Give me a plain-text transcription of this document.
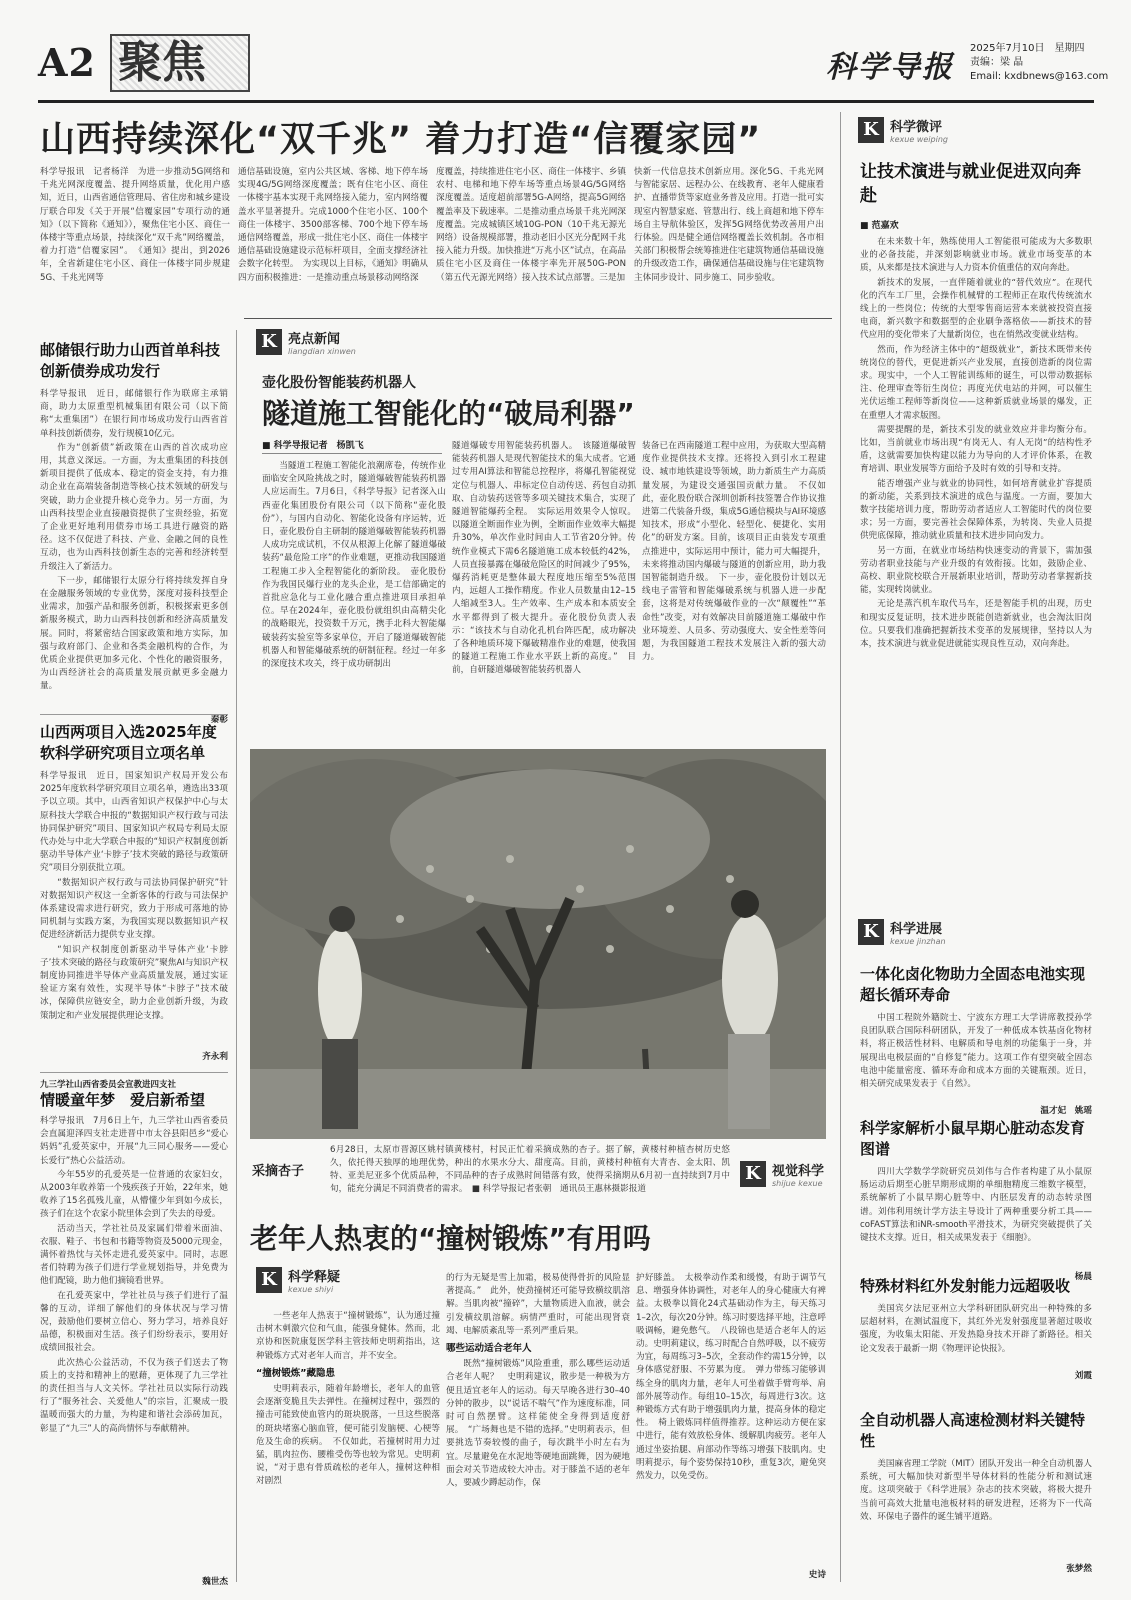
A2 聚焦	科学导报
2025年7月10日　星期四
责编：梁 晶
Email: kxdbnews@163.com
山西持续深化“双千兆” 着力打造“信覆家园”

科学导报讯　记者杨洋　为进一步推动5G网络和千兆光网深度覆盖、提升网络质量，优化用户感知，近日，山西省通信管理局、省住房和城乡建设厅联合印发《关于开展“信覆家园”专项行动的通知》（以下简称《通知》），聚焦住宅小区、商住一体楼宇等重点场景，持续深化“双千兆”网络覆盖，着力打造“信覆家园”。　《通知》提出，到2026年，全省新建住宅小区、商住一体楼宇同步规建5G、千兆光网等

通信基础设施，室内公共区域、客梯、地下停车场实现4G/5G网络深度覆盖；既有住宅小区、商住一体楼宇基本实现千兆网络接入能力，室内网络覆盖水平显著提升。完成1000个住宅小区、100个商住一体楼宇、3500部客梯、700个地下停车场通信网络覆盖，形成一批住宅小区、商住一体楼宇通信基础设施建设示范标杆项目，全面支撑经济社会数字化转型。　为实现以上目标，《通知》明确从四方面积极推进：一是推动重点场景移动网络深

度覆盖，持续推进住宅小区、商住一体楼宇、乡镇农村、电梯和地下停车场等重点场景4G/5G网络深度覆盖。适度超前部署5G-A网络，提高5G网络覆盖率及下载速率。二是推动重点场景千兆光网深度覆盖。完成城镇区域10G-PON（10千兆无源光网络）设备规模部署，推动老旧小区光分配网千兆接入能力升级。加快推进“万兆小区”试点，在高品质住宅小区及商住一体楼宇率先开展50G-PON（第五代无源光网络）接入技术试点部署。三是加

快新一代信息技术创新应用。深化5G、千兆光网与智能家居、远程办公、在线教育、老年人健康看护、直播带货等家庭业务普及应用。打造一批可实现室内智慧家庭、管慧出行、线上商超和地下停车场自主导航体验区，发挥5G网络优势改善用户出行体验。四是健全通信网络覆盖长效机制。各市相关部门积极帮会统筹推进住宅建筑物通信基础设施的升级改造工作，确保通信基础设施与住宅建筑物主体同步设计、同步施工、同步验收。

邮储银行助力山西首单科技创新债券成功发行

科学导报讯　近日，邮储银行作为联席主承销商，助力太原重型机械集团有限公司（以下简称“太重集团”）在银行间市场成功发行山西省首单科技创新债券，发行规模10亿元。

作为“创新债”新政策在山西的首次成功应用，其意义深远。一方面，为太重集团的科技创新项目提供了低成本、稳定的资金支持，有力推动企业在高端装备制造等核心技术领域的研发与突破，助力企业提升核心竞争力。另一方面，为山西科技型企业直接融资提供了宝贵经验，拓宽了企业更好地利用债券市场工具进行融资的路径。这不仅促进了科技、产业、金融之间的良性互动，也为山西科技创新生态的完善和经济转型升级注入了新活力。

下一步，邮储银行太原分行将持续发挥自身在金融服务领域的专业优势，深度对接科技型企业需求，加强产品和服务创新，积极探索更多创新服务模式，助力山西科技创新和经济高质量发展。同时，将紧密结合国家政策和地方实际，加强与政府部门、企业和各类金融机构的合作，为优质企业提供更加多元化、个性化的融资服务，为山西经济社会的高质量发展贡献更多金融力量。

秦彰
山西两项目入选2025年度软科学研究项目立项名单

科学导报讯　近日，国家知识产权局开发公布2025年度软科学研究项目立项名单，遴选出33项予以立项。其中，山西省知识产权保护中心与太原科技大学联合申报的“数据知识产权行政与司法协同保护研究”项目、国家知识产权局专利局太原代办处与中北大学联合申报的“知识产权制度创新驱动半导体产业‘卡脖子’技术突破的路径与政策研究”项目分别获批立项。

“数据知识产权行政与司法协同保护研究”针对数据知识产权这一全新客体的行政与司法保护体系建设需求进行研究，致力于形成可落地的协同机制与实践方案，为我国实现以数据知识产权促进经济新活力提供专业支撑。

“知识产权制度创新驱动半导体产业‘卡脖子’技术突破的路径与政策研究”聚焦AI与知识产权制度协同推进半导体产业高质量发展，通过实证验证方案有效性，实现半导体“卡脖子”技术破冰，保障供应链安全，助力企业创新升级，为政策制定和产业发展提供理论支撑。

齐永利
九三学社山西省委员会宣教进四支社
情暖童年梦　爱启新希望

科学导报讯　7月6日上午，九三学社山西省委员会直属迎泽四支社走进晋中市太谷县阳邑乡“爱心妈妈”孔爱英家中，开展“九三同心服务——爱心长爱行”热心公益活动。

今年55岁的孔爱英是一位普通的农家妇女，从2003年收养第一个残疾孩子开始，22年来，她收养了15名孤残儿童，从懵懂少年到如今成长，孩子们在这个农家小院里体会到了失去的母爱。

活动当天，学社社员及家属们带着米面油、衣服、鞋子、书包和书籍等物资及5000元现金，满怀着热忱与关怀走进孔爱英家中。同时，志愿者们特聘为孩子们进行学业规划指导，并免费为他们配镜，助力他们摘镜看世界。

在孔爱英家中，学社社员与孩子们进行了温馨的互动，详细了解他们的身体状况与学习情况，鼓励他们要树立信心、努力学习，培养良好品德，积极面对生活。孩子们纷纷表示，要用好成绩回报社会。

此次热心公益活动，不仅为孩子们送去了物质上的支持和精神上的慰藉，更体现了九三学社的责任担当与人文关怀。学社社员以实际行动践行了“服务社会、关爱他人”的宗旨，汇聚成一股温暖而强大的力量，为构建和谐社会添砖加瓦，彰显了“九三”人的高尚情怀与奉献精神。

魏世杰
K 亮点新闻
liangdian xinwen
壶化股份智能装药机器人
隧道施工智能化的“破局利器”
■ 科学导报记者　杨凯飞

当隧道工程施工智能化浪潮席卷，传统作业面临安全风险挑战之时，隧道爆破智能装药机器人应运而生。7月6日，《科学导报》记者深入山西壶化集团股份有限公司（以下简称“壶化股份”），与国内自动化、智能化设备有序运转，近日，壶化股份自主研制的隧道爆破智能装药机器人成功完成试机，不仅从根源上化解了隧道爆破装药“最危险工序”的作业难题，更推动我国隧道工程施工步入全程智能化的新阶段。　壶化股份作为我国民爆行业的龙头企业，是工信部确定的首批应急化与工业化融合重点推进项目承担单位。早在2024年，壶化股份就组织由高精尖化的战略眼光，投资数千万元，携手北科大智能爆破装药实验室等多家单位，开启了隧道爆破智能机器人和智能爆破系统的研制征程。经过一年多的深度技术攻关，终于成功研制出

隧道爆破专用智能装药机器人。　该隧道爆破智能装药机器人是现代智能技术的集大成者。它通过专用AI算法和智能总控程序，将爆孔智能视觉定位与机器人、串标定位自动传送、药包自动抓取、自动装药送管等多项关键技术集合，实现了隧道智能爆药全程。　实际运用效果令人惊叹。以隧道全断面作业为例，全断面作业效率大幅提升30%，单次作业时间由人工节省20分钟。传统作业模式下需6名隧道施工成本较低约42%，人员直接暴露在爆破危险区的时间减少了95%，爆药消耗更是整体最大程度地压缩至5%范围内，远超人工操作精度。作业人员数量由12–15人缩减至3人。生产效率、生产成本和本质安全水平都得到了极大提升。壶化股份负责人表示：“该技术与自动化孔机台阵匹配，成功解决了各种地质环境下爆破精准作业的难题，使我国的隧道工程施工作业水平跃上新的高度。”　目前，自研隧道爆破智能装药机器人

装备已在西南隧道工程中应用，为获取大型高精度作业提供技术支撑。还将投入到引水工程建设、城市地铁建设等领域，助力新质生产力高质量发展，为建设交通强国贡献力量。　不仅如此，壶化股份联合深圳创新科技签署合作协议推进第二代装备升级，集成5G通信模块与AI环境感知技术，形成“小型化、轻型化、便捷化、实用化”的研发方案。目前，该项目正由装发专项重点推进中，实际运用中预计，能力可大幅提升，未来将推动国内爆破与隧道的创新应用，助力我国智能制造升级。　下一步，壶化股份计划以无线电子雷管和智能爆破系统与机器人进一步配套，这将是对传统爆破作业的一次“颠覆性”“革命性”改变，对有效解决目前隧道施工爆破中作业环境差、人员多、劳动强度大、安全性差等问题，为我国隧道工程技术发展注入新的强大动力。

采摘杏子
6月28日，太原市晋源区姚村镇黄楼村，村民正忙着采摘成熟的杏子。据了解，黄楼村种植杏树历史悠久，依托得天独厚的地理优势，种出的水果水分大、甜度高。目前，黄楼村种植有大青杏、金太阳、凯特、亚美尼亚多个优质品种，不同品种的杏子成熟时间错落有致，使得采摘期从6月初一直持续到7月中旬，能充分满足不同消费者的需求。　■ 科学导报记者张朝　通讯员王惠林摄影报道
K 视觉科学
shijue kexue
老年人热衷的“撞树锻炼”有用吗
K 科学释疑
kexue shiyi

一些老年人热衷于“撞树锻炼”，认为通过撞击树木刺激穴位和气血，能强身健体。然而，北京协和医院康复医学科主管技师史明莉指出，这种锻炼方式对老年人而言，并不安全。

“撞树锻炼”藏隐患

史明莉表示，随着年龄增长，老年人的血管会逐渐变脆且失去弹性。在撞树过程中，强烈的撞击可能致使血管内的斑块脱落，一旦这些脱落的斑块堵塞心脑血管，便可能引发脑梗、心梗等危及生命的疾病。　不仅如此，若撞树时用力过猛，肌肉拉伤、腰椎受伤等也较为常见。史明莉说，“对于患有骨质疏松的老年人，撞树这种相对剧烈

的行为无疑是雪上加霜，极易使得骨折的风险显著提高。”　此外，使劲撞树还可能导致横纹肌溶解。当肌肉被“撞碎”，大量物质进入血液，就会引发横纹肌溶解。病情严重时，可能出现肾衰竭、电解质紊乱等一系列严重后果。

哪些运动适合老年人

既然“撞树锻炼”风险重重，那么哪些运动适合老年人呢？　史明莉建议，散步是一种极为方便且适宜老年人的运动。每天早晚各进行30–40分钟的散步，以“说话不喘气”作为速度标准，同时可自然摆臂。这样能使全身得到适度舒展。　“广场舞也是不错的选择。”史明莉表示，但要挑选节奏较慢的曲子，每次跳半小时左右为宜。尽量避免在水泥地等硬地面跳舞，因为硬地面会对关节造成较大冲击。对于膝盖不适的老年人，要减少蹲起动作，保

护好膝盖。　太极拳动作柔和缓慢，有助于调节气息、增强身体协调性，对老年人的身心健康大有裨益。太极拳以简化24式基础动作为主，每天练习1–2次，每次20分钟。练习时要选择平地，注意呼吸调畅，避免憋气。　八段锦也是适合老年人的运动。史明莉建议，练习时配合自然呼吸，以不疲劳为宜，每周练习3–5次，全套动作约需15分钟，以身体感觉舒服、不劳累为度。　弹力带练习能够训练全身的肌肉力量，老年人可坐着做手臂弯举、肩部外展等动作。每组10–15次，每周进行3次。这种锻炼方式有助于增强肌肉力量，提高身体的稳定性。　椅上锻炼同样值得推荐。这种运动方便在家中进行，能有效放松身体、缓解肌肉疲劳。老年人通过坐姿抬腿、肩部动作等练习增强下肢肌肉。史明莉提示，每个姿势保持10秒，重复3次，避免突然发力，以免受伤。

史诗
K 科学微评
kexue weiping
让技术演进与就业促进双向奔赴
■ 范嘉欢

在未来数十年，熟练使用人工智能很可能成为大多数职业的必备技能，并深刻影响就业市场。就业市场变革的本质，从来都是技术演进与人力资本价值重估的双向奔赴。

新技术的发展，一直伴随着就业的“替代效应”。在现代化的汽车工厂里，会操作机械臂的工程师正在取代传统流水线上的一些岗位；传统的大型零售商运营本来就被投资直接电商，新兴数字和数据型的企业刷争落格依——新技术的替代应用的变化带来了大量新岗位，也在悄然改变就业结构。

然而，作为经济主体中的“超级就业”，新技术既带来传统岗位的替代，更促进新兴产业发展，直接创造新的岗位需求。现实中，一个人工智能训练师的诞生，可以带动数据标注、伦理审查等衍生岗位；再度光伏电站的并网，可以催生光伏运维工程师等新岗位——这种新质就业场景的爆发，正在重塑人才需求版图。

需要提醒的是，新技术引发的就业效应并非均衡分布。比如，当前就业市场出现“有岗无人、有人无岗”的结构性矛盾，这就需要加快构建以能力为导向的人才评价体系，在教育培训、职业发展等方面给予及时有效的引导和支持。

能否增强产业与就业的协同性，如何培育就业扩容提质的新动能，关系到技术演进的成色与温度。一方面，要加大数字技能培训力度，帮助劳动者适应人工智能时代的岗位要求；另一方面，要完善社会保障体系，为转岗、失业人员提供兜底保障，推动就业质量和技术进步同向发力。

另一方面，在就业市场结构快速变动的背景下，需加强劳动者职业技能与产业升级的有效衔接。比如，鼓励企业、高校、职业院校联合开展新职业培训，帮助劳动者掌握新技能，实现转岗就业。

无论是蒸汽机车取代马车，还是智能手机的出现，历史和现实反复证明，技术进步既能创造新就业，也会淘汰旧岗位。只要我们准确把握新技术变革的发展规律，坚持以人为本，技术演进与就业促进就能实现良性互动，双向奔赴。

K 科学进展
kexue jinzhan
一体化卤化物助力全固态电池实现超长循环寿命

中国工程院外籍院士、宁波东方理工大学讲席教授孙学良团队联合国际科研团队，开发了一种低成本铁基卤化物材料，将正极活性材料、电解质和导电剂的功能集于一身，并展现出电极层面的“自修复”能力。这项工作有望突破全固态电池中能量密度、循环寿命和成本方面的关键瓶颈。近日，相关研究成果发表于《自然》。

温才妃　姚瑶
科学家解析小鼠早期心脏动态发育图谱

四川大学数学学院研究员刘伟与合作者构建了从小鼠原肠运动后期至心脏早期形成期的单细胞精度三维数字模型，系统解析了小鼠早期心脏等中、内胚层发育的动态转录图谱。刘伟利用统计学方法主导设计了两种重要分析工具——coFAST算法和iNR-smooth平滑技术，为研究突破提供了关键技术支撑。近日，相关成果发表于《细胞》。

杨晨
特殊材料红外发射能力远超吸收

美国宾夕法尼亚州立大学科研团队研究出一种特殊的多层超材料，在测试温度下，其红外光发射强度显著超过吸收强度，为收集太阳能、开发热隐身技术开辟了新路径。相关论文发表于最新一期《物理评论快报》。

刘霞
全自动机器人高速检测材料关键特性

美国麻省理工学院（MIT）团队开发出一种全自动机器人系统，可大幅加快对新型半导体材料的性能分析和测试速度。这项突破于《科学进展》杂志的技术突破，将极大提升当前可高效大批量电池板材料的研发进程，还将为下一代高效、环保电子器件的诞生铺平道路。

张梦然
